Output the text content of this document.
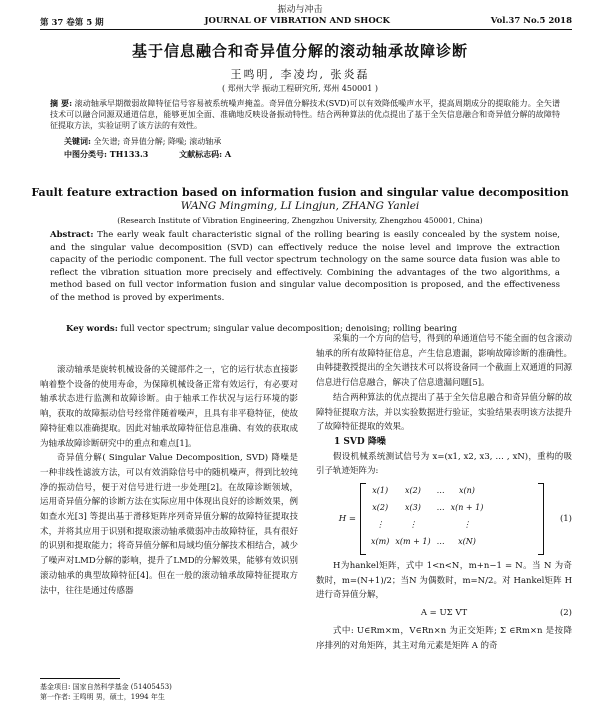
振动与冲击
第 37 卷第 5 期	JOURNAL OF VIBRATION AND SHOCK	Vol.37 No.5 2018
基于信息融合和奇异值分解的滚动轴承故障诊断
王鸣明, 李凌均, 张炎磊
( 郑州大学 振动工程研究所, 郑州 450001 )
摘 要: 滚动轴承早期微弱故障特征信号容易被系统噪声掩盖。奇异值分解技术(SVD)可以有效降低噪声水平，提高周期成分的提取能力。全矢谱技术可以融合同源双通道信息，能够更加全面、准确地反映设备振动特性。结合两种算法的优点提出了基于全矢信息融合和奇异值分解的故障特征提取方法，实验证明了该方法的有效性。
关键词: 全矢谱; 奇异值分解; 降噪; 滚动轴承
中图分类号: TH133.3	文献标志码: A
Fault feature extraction based on information fusion and singular value decomposition
WANG Mingming, LI Lingjun, ZHANG Yanlei
(Research Institute of Vibration Engineering, Zhengzhou University, Zhengzhou 450001, China)
Abstract: The early weak fault characteristic signal of the rolling bearing is easily concealed by the system noise, and the singular value decomposition (SVD) can effectively reduce the noise level and improve the extraction capacity of the periodic component. The full vector spectrum technology on the same source data fusion was able to reflect the vibration situation more precisely and effectively. Combining the advantages of the two algorithms, a method based on full vector information fusion and singular value decomposition is proposed, and the effectiveness of the method is proved by experiments.
Key words: full vector spectrum; singular value decomposition; denoising; rolling bearing

滚动轴承是旋转机械设备的关键部件之一，它的运行状态直接影响着整个设备的使用寿命，为保障机械设备正常有效运行，有必要对轴承状态进行监测和故障诊断。由于轴承工作状况与运行环境的影响，获取的故障振动信号经常伴随着噪声，且具有非平稳特征，使故障特征难以准确提取。因此对轴承故障特征信息准确、有效的获取成为轴承故障诊断研究中的重点和难点[1]。

奇异值分解( Singular Value Decomposition, SVD) 降噪是一种非线性滤波方法，可以有效消除信号中的随机噪声，得到比较纯净的振动信号，便于对信号进行进一步处理[2]。在故障诊断领域，运用奇异值分解的诊断方法在实际应用中体现出良好的诊断效果，例如查水光[3] 等提出基于滑移矩阵序列奇异值分解的故障特征提取技术，并将其应用于识别和提取滚动轴承微弱冲击故障特征，具有很好的识别和提取能力；将奇异值分解和局域均值分解技术相结合，减少了噪声对LMD分解的影响，提升了LMD的分解效果，能够有效识别滚动轴承的典型故障特征[4]。但在一般的滚动轴承故障特征提取方法中，往往是通过传感器

采集的一个方向的信号，得到的单通道信号不能全面的包含滚动轴承的所有故障特征信息，产生信息遗漏，影响故障诊断的准确性。由韩捷教授提出的全矢谱技术可以将设备同一个截面上双通道的同源信息进行信息融合，解决了信息遗漏问题[5]。

结合两种算法的优点提出了基于全矢信息融合和奇异值分解的故障特征提取方法，并以实验数据进行验证，实验结果表明该方法提升了故障特征提取的效果。

1 SVD 降噪

假设机械系统测试信号为 x=(x1, x2, x3, … , xN)，重构的吸引子轨迹矩阵为:

H =
x(1)	x(2)	…	x(n)
x(2)	x(3)	…	x(n + 1)
⋮	⋮		⋮
x(m)	x(m + 1)	…	x(N)
(1)

H为hankel矩阵，式中 1<n<N，m+n−1 = N。当 N 为奇数时，m=(N+1)/2；当N 为偶数时，m=N/2。对 Hankel矩阵 H 进行奇异值分解，

A = UΣ VT	(2)

式中: U∈Rm×m，V∈Rn×n 为正交矩阵; Σ ∈Rm×n 是按降序排列的对角矩阵，其主对角元素是矩阵 A 的奇

基金项目: 国家自然科学基金 (51405453)
第一作者: 王鸣明 男，硕士，1994 年生
